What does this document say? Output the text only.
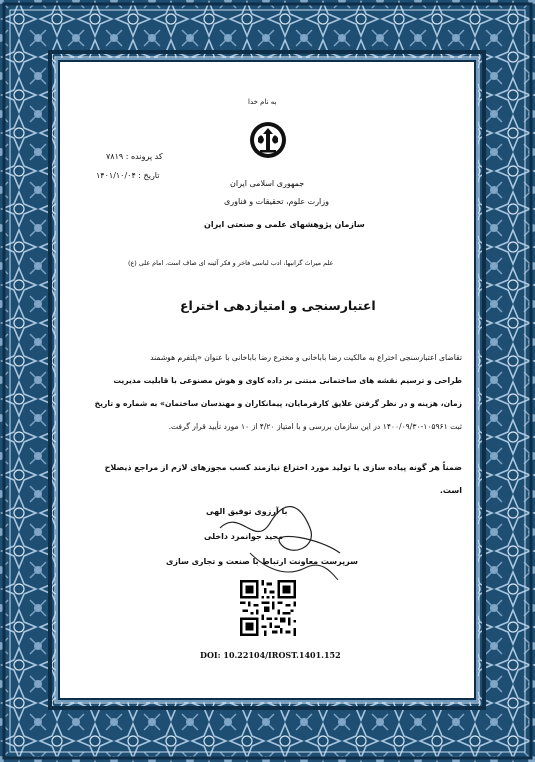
به نام خدا
جمهوری اسلامی ایران
وزارت علوم، تحقیقات و فناوری
سازمان پژوهشهای علمی و صنعتی ایران
کد پرونده : ۷۸۱۹
تاریخ : ۱۴۰۱/۱۰/۰۴
علم میراث گرانبها، ادب لباسی فاخر و فکر آئینه ای صاف است. امام علی (ع)
اعتبارسنجی و امتیازدهی اختراع

تقاضای اعتبارسنجی اختراع به مالکیت رضا باباخانی و مخترع رضا باباخانی با عنوان «پلتفرم هوشمند

طراحی و ترسیم نقشه های ساختمانی مبتنی بر داده کاوی و هوش مصنوعی با قابلیت مدیریت

زمان، هزینه و در نظر گرفتن علایق کارفرمایان، پیمانکاران و مهندسان ساختمان» به شماره و تاریخ

ثبت ۱۰۵۹۶۱-۱۴۰۰/۰۹/۳۰ در این سازمان بررسی و با امتیاز ۴/۲۰ از ۱۰ مورد تأیید قرار گرفت.

ضمناً هر گونه پیاده سازی یا تولید مورد اختراع نیازمند کسب مجوزهای لازم از مراجع ذیصلاح
است.
با آرزوی توفیق الهی
مجید جوانمرد داخلی
سرپرست معاونت ارتباط با صنعت و تجاری سازی
DOI: 10.22104/IROST.1401.152
